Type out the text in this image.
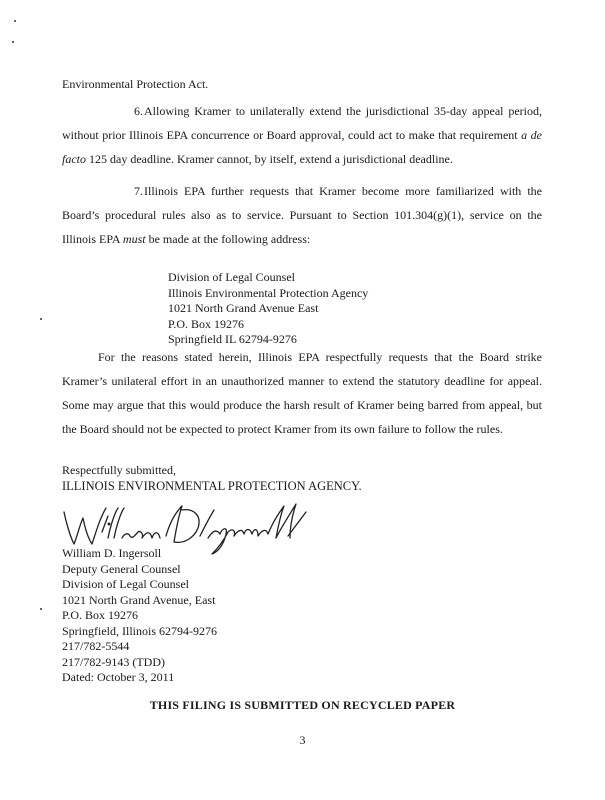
Environmental Protection Act.
6.Allowing Kramer to unilaterally extend the jurisdictional 35-day appeal period, without prior Illinois EPA concurrence or Board approval, could act to make that requirement a de facto 125 day deadline. Kramer cannot, by itself, extend a jurisdictional deadline.
7.Illinois EPA further requests that Kramer become more familiarized with the Board’s procedural rules also as to service. Pursuant to Section 101.304(g)(1), service on the Illinois EPA must be made at the following address:
Division of Legal Counsel
Illinois Environmental Protection Agency
1021 North Grand Avenue East
P.O. Box 19276
Springfield IL 62794-9276
For the reasons stated herein, Illinois EPA respectfully requests that the Board strike Kramer’s unilateral effort in an unauthorized manner to extend the statutory deadline for appeal. Some may argue that this would produce the harsh result of Kramer being barred from appeal, but the Board should not be expected to protect Kramer from its own failure to follow the rules.
Respectfully submitted,
ILLINOIS ENVIRONMENTAL PROTECTION AGENCY.
William D. Ingersoll
Deputy General Counsel
Division of Legal Counsel
1021 North Grand Avenue, East
P.O. Box 19276
Springfield, Illinois 62794-9276
217/782-5544
217/782-9143 (TDD)
Dated: October 3, 2011
THIS FILING IS SUBMITTED ON RECYCLED PAPER
3
